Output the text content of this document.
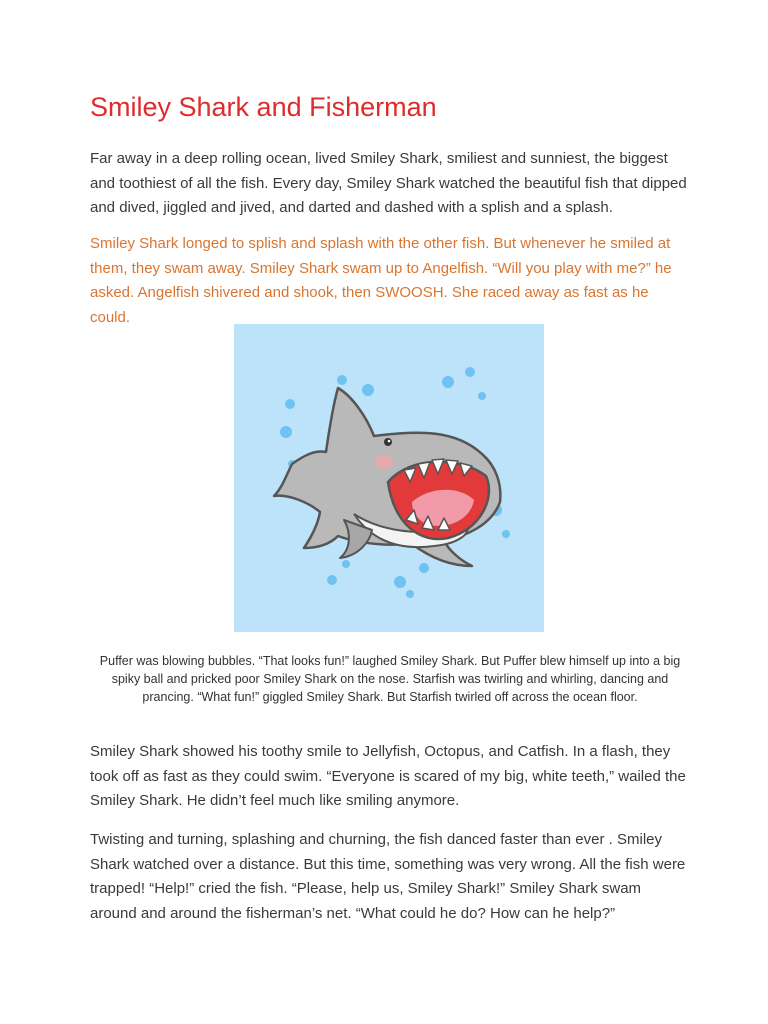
Smiley Shark and Fisherman

Far away in a deep rolling ocean, lived Smiley Shark, smiliest and sunniest, the biggest and toothiest of all the fish. Every day, Smiley Shark watched the beautiful fish that dipped and dived, jiggled and jived, and darted and dashed with a splish and a splash.

Smiley Shark longed to splish and splash with the other fish. But whenever he smiled at them, they swam away. Smiley Shark swam up to Angelfish. “Will you play with me?” he asked. Angelfish shivered and shook, then SWOOSH. She raced away as fast as he could.

Puffer was blowing bubbles. “That looks fun!” laughed Smiley Shark. But Puffer blew himself up into a big spiky ball and pricked poor Smiley Shark on the nose. Starfish was twirling and whirling, dancing and prancing. “What fun!” giggled Smiley Shark. But Starfish twirled off across the ocean floor.

Smiley Shark showed his toothy smile to Jellyfish, Octopus, and Catfish. In a flash, they took off as fast as they could swim. “Everyone is scared of my big, white teeth,” wailed the Smiley Shark. He didn’t feel much like smiling anymore.

Twisting and turning, splashing and churning, the fish danced faster than ever . Smiley Shark watched over a distance. But this time, something was very wrong. All the fish were trapped! “Help!” cried the fish. “Please, help us, Smiley Shark!” Smiley Shark swam around and around the fisherman’s net. “What could he do? How can he help?”
